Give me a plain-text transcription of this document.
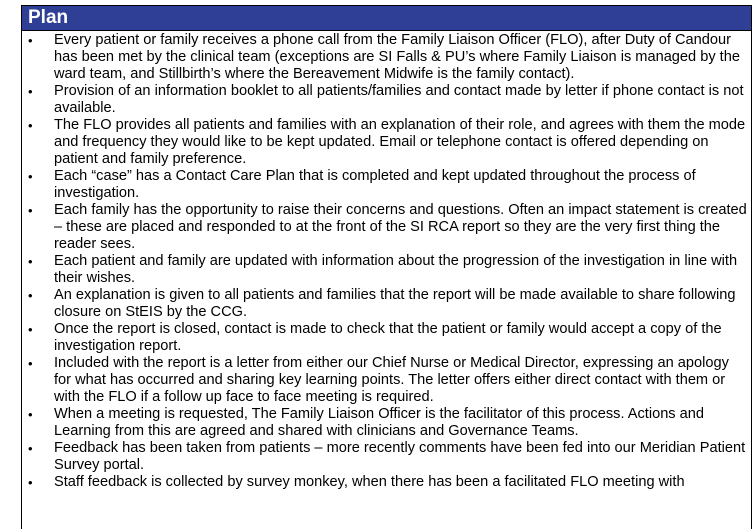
Plan
• Every patient or family receives a phone call from the Family Liaison Officer (FLO), after Duty of Candour has been met by the clinical team (exceptions are SI Falls & PU’s where Family Liaison is managed by the ward team, and Stillbirth’s where the Bereavement Midwife is the family contact).
• Provision of an information booklet to all patients/families and contact made by letter if phone contact is not available.
• The FLO provides all patients and families with an explanation of their role, and agrees with them the mode and frequency they would like to be kept updated. Email or telephone contact is offered depending on patient and family preference.
• Each “case” has a Contact Care Plan that is completed and kept updated throughout the process of investigation.
• Each family has the opportunity to raise their concerns and questions. Often an impact statement is created – these are placed and responded to at the front of the SI RCA report so they are the very first thing the reader sees.
• Each patient and family are updated with information about the progression of the investigation in line with their wishes.
• An explanation is given to all patients and families that the report will be made available to share following closure on StEIS by the CCG.
• Once the report is closed, contact is made to check that the patient or family would accept a copy of the investigation report.
• Included with the report is a letter from either our Chief Nurse or Medical Director, expressing an apology for what has occurred and sharing key learning points. The letter offers either direct contact with them or with the FLO if a follow up face to face meeting is required.
• When a meeting is requested, The Family Liaison Officer is the facilitator of this process. Actions and Learning from this are agreed and shared with clinicians and Governance Teams.
• Feedback has been taken from patients – more recently comments have been fed into our Meridian Patient Survey portal.
• Staff feedback is collected by survey monkey, when there has been a facilitated FLO meeting with
